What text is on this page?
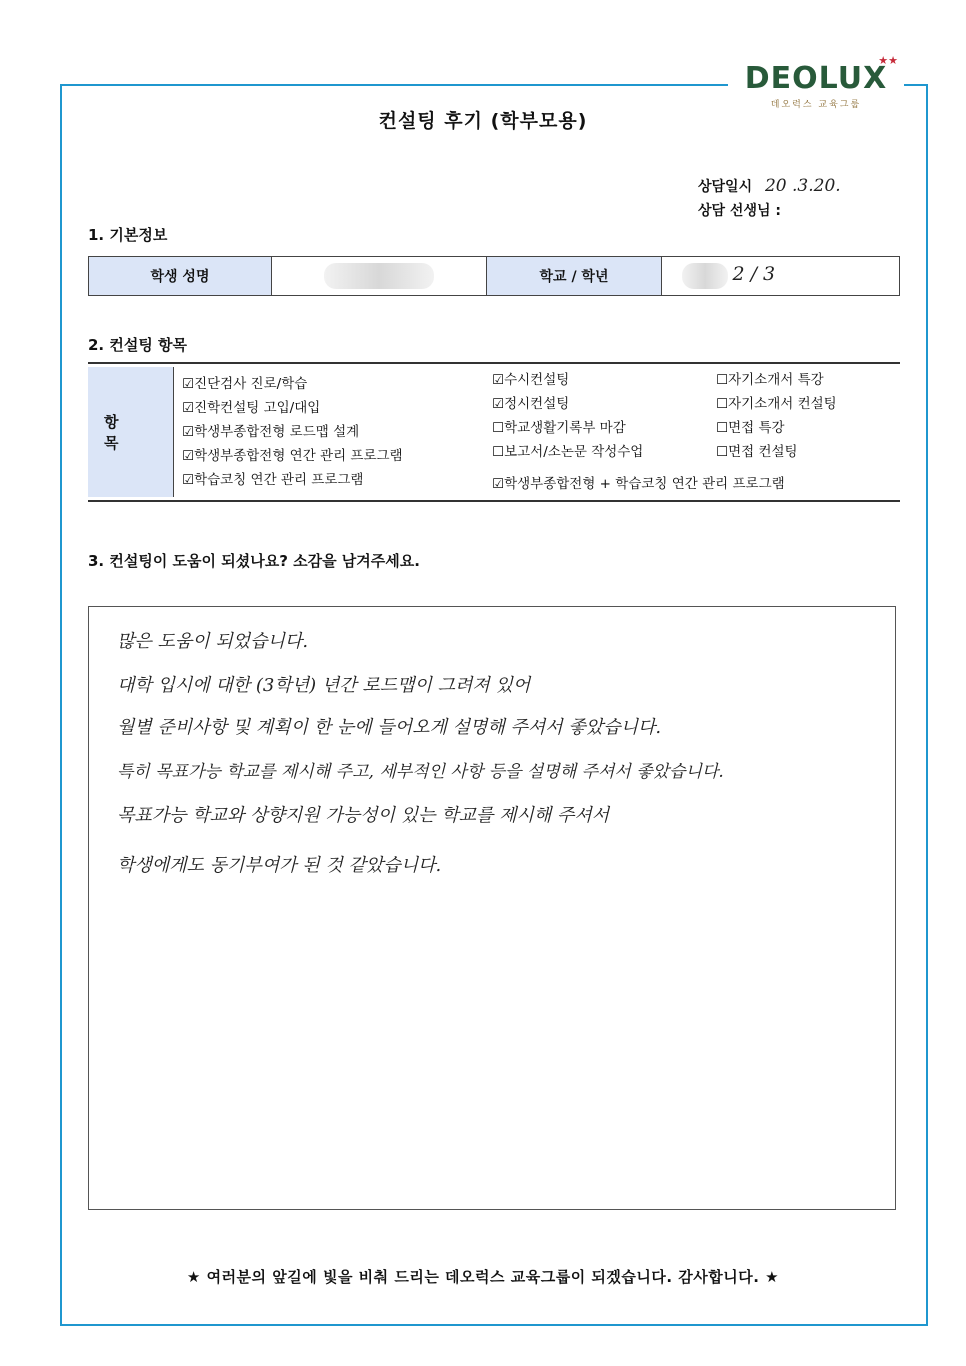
DEOLUX
데오럭스 교육그룹
★★
컨설팅 후기 (학부모용)
상담일시 20 .3.20.
상담 선생님 :
1. 기본정보
학생 성명		학교 / 학년	2 / 3
2. 컨설팅 항목
항 목
☑진단검사 진로/학습
☑진학컨설팅 고입/대입
☑학생부종합전형 로드맵 설계
☑학생부종합전형 연간 관리 프로그램
☑학습코칭 연간 관리 프로그램
☑수시컨설팅
☑정시컨설팅
☐학교생활기록부 마감
☐보고서/소논문 작성수업
☑학생부종합전형 + 학습코칭 연간 관리 프로그램
☐자기소개서 특강
☐자기소개서 컨설팅
☐면접 특강
☐면접 컨설팅
3. 컨설팅이 도움이 되셨나요? 소감을 남겨주세요.
많은 도움이 되었습니다.
대학 입시에 대한 (3학년) 년간 로드맵이 그려져 있어
월별 준비사항 및 계획이 한 눈에 들어오게 설명해 주셔서 좋았습니다.
특히 목표가능 학교를 제시해 주고, 세부적인 사항 등을 설명해 주셔서 좋았습니다.
목표가능 학교와 상향지원 가능성이 있는 학교를 제시해 주셔서
학생에게도 동기부여가 된 것 같았습니다.
★ 여러분의 앞길에 빛을 비춰 드리는 데오럭스 교육그룹이 되겠습니다. 감사합니다. ★
